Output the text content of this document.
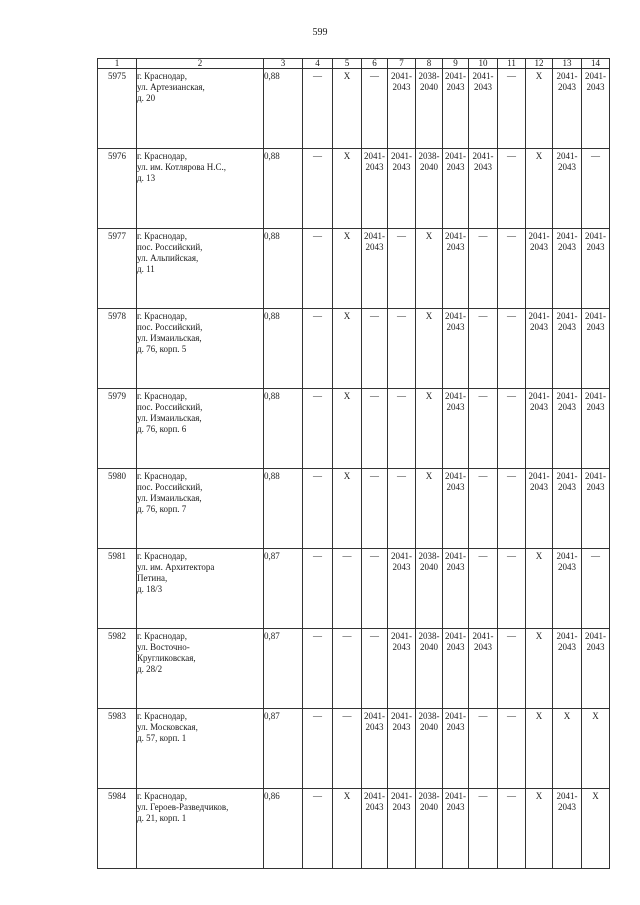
599
1	2	3	4	5	6	7	8	9	10	11	12	13	14
5975	г. Краснодар,
ул. Артезианская,
д. 20	0,88	—	X	—	2041-
2043	2038-
2040	2041-
2043	2041-
2043	—	X	2041-
2043	2041-
2043

5976	г. Краснодар,
ул. им. Котлярова Н.С.,
д. 13	0,88	—	X	2041-
2043	2041-
2043	2038-
2040	2041-
2043	2041-
2043	—	X	2041-
2043	—
5977	г. Краснодар,
пос. Российский,
ул. Альпийская,
д. 11	0,88	—	X	2041-
2043	—	X	2041-
2043	—	—	2041-
2043	2041-
2043	2041-
2043

5978	г. Краснодар,
пос. Российский,
ул. Измаильская,
д. 76, корп. 5	0,88	—	X	—	—	X	2041-
2043	—	—	2041-
2043	2041-
2043	2041-
2043

5979	г. Краснодар,
пос. Российский,
ул. Измаильская,
д. 76, корп. 6	0,88	—	X	—	—	X	2041-
2043	—	—	2041-
2043	2041-
2043	2041-
2043

5980	г. Краснодар,
пос. Российский,
ул. Измаильская,
д. 76, корп. 7	0,88	—	X	—	—	X	2041-
2043	—	—	2041-
2043	2041-
2043	2041-
2043

5981	г. Краснодар,
ул. им. Архитектора
Петина,
д. 18/3	0,87	—	—	—	2041-
2043	2038-
2040	2041-
2043	—	—	X	2041-
2043	—
5982	г. Краснодар,
ул. Восточно-
Кругликовская,
д. 28/2	0,87	—	—	—	2041-
2043	2038-
2040	2041-
2043	2041-
2043	—	X	2041-
2043	2041-
2043

5983	г. Краснодар,
ул. Московская,
д. 57, корп. 1	0,87	—	—	2041-
2043	2041-
2043	2038-
2040	2041-
2043	—	—	X	X	X
5984	г. Краснодар,
ул. Героев-Разведчиков,
д. 21, корп. 1	0,86	—	X	2041-
2043	2041-
2043	2038-
2040	2041-
2043	—	—	X	2041-
2043	X
